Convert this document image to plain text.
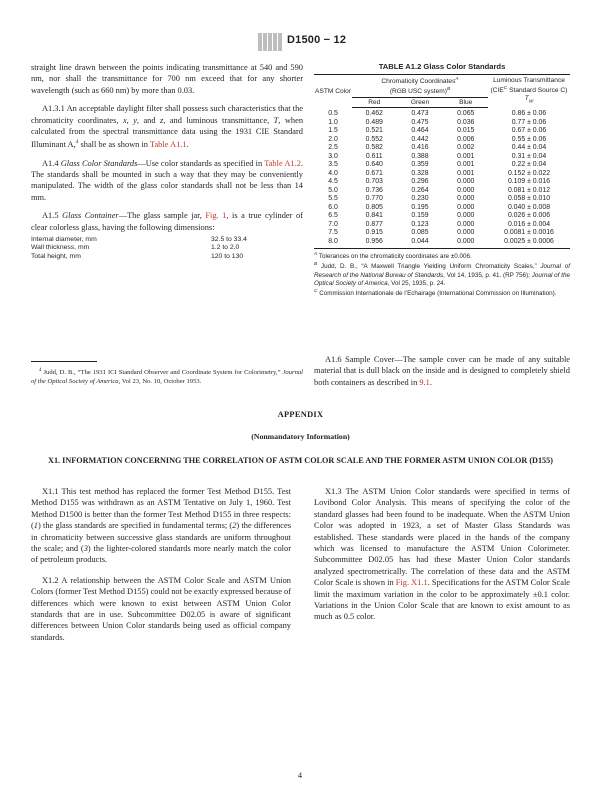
D1500 − 12

straight line drawn between the points indicating transmittance at 540 and 590 nm, nor shall the transmittance for 700 nm exceed that for any shorter wavelength (such as 660 nm) by more than 0.03.

A1.3.1 An acceptable daylight filter shall possess such characteristics that the chromaticity coordinates, x, y, and z, and luminous transmittance, T, when calculated from the spectral transmittance data using the 1931 CIE Standard Illuminant A,$^4$ shall be as shown in Table A1.1.

A1.4 Glass Color Standards—Use color standards as specified in Table A1.2. The standards shall be mounted in such a way that they may be conveniently manipulated. The width of the glass color standards shall not be less than 14 mm.

A1.5 Glass Container—The glass sample jar, Fig. 1, is a true cylinder of clear colorless glass, having the following dimensions:

Internal diameter, mm	32.5 to 33.4
Wall thickness, mm	1.2 to 2.0
Total height, mm	120 to 130
$^4$ Judd, D. B., “The 1931 ICI Standard Observer and Coordinate System for Colorimetry,” Journal of the Optical Society of America, Vol 23, No. 10, October 1953.
TABLE A1.2 Glass Color Standards
ASTM Color	Chromaticity Coordinates$^A$
(RGB USC system)$^B$			Luminous Transmittance ($CIE^C$ Standard Source C)
$T_W$
	Red	Green	Blue	
0.5	0.462	0.473	0.065	0.86 ± 0.06
1.0	0.489	0.475	0.036	0.77 ± 0.06
1.5	0.521	0.464	0.015	0.67 ± 0.06
2.0	0.552	0.442	0.006	0.55 ± 0.06
2.5	0.582	0.416	0.002	0.44 ± 0.04
3.0	0.611	0.388	0.001	0.31 ± 0.04
3.5	0.640	0.359	0.001	0.22 ± 0.04
4.0	0.671	0.328	0.001	0.152 ± 0.022
4.5	0.703	0.296	0.000	0.109 ± 0.016
5.0	0.736	0.264	0.000	0.081 ± 0.012
5.5	0.770	0.230	0.000	0.058 ± 0.010
6.0	0.805	0.195	0.000	0.040 ± 0.008
6.5	0.841	0.159	0.000	0.026 ± 0.006
7.0	0.877	0.123	0.000	0.016 ± 0.004
7.5	0.915	0.085	0.000	0.0081 ± 0.0016
8.0	0.956	0.044	0.000	0.0025 ± 0.0006
$^A$ Tolerances on the chromaticity coordinates are ±0.006.
$^B$ Judd, D. B., “A Maxwell Triangle Yielding Uniform Chromaticity Scales,” Journal of Research of the National Bureau of Standards, Vol 14, 1935, p. 41. (RP 756); Journal of the Optical Society of America, Vol 25, 1935, p. 24.
$^C$ Commission Internationale de l’Echairage (International Commission on Illumination).
A1.6 Sample Cover—The sample cover can be made of any suitable material that is dull black on the inside and is designed to completely shield both containers as described in 9.1.
APPENDIX
(Nonmandatory Information)
X1. INFORMATION CONCERNING THE CORRELATION OF ASTM COLOR SCALE AND THE FORMER ASTM UNION COLOR (D155)

X1.1 This test method has replaced the former Test Method D155. Test Method D155 was withdrawn as an ASTM Tentative on July 1, 1960. Test Method D1500 is better than the former Test Method D155 in three respects: (1) the glass standards are specified in fundamental terms; (2) the differences in chromaticity between successive glass standards are uniform throughout the scale; and (3) the lighter-colored standards more nearly match the color of petroleum products.

X1.2 A relationship between the ASTM Color Scale and ASTM Union Colors (former Test Method D155) could not be exactly expressed because of differences which were known to exist between ASTM Union Color standards that are in use. Subcommittee D02.05 is aware of significant differences between Union Color standards being used as official company standards.

X1.3 The ASTM Union Color standards were specified in terms of Lovibond Color Analysis. This means of specifying the color of the standard glasses had been found to be inadequate. When the ASTM Union Color was adopted in 1923, a set of Master Glass Standards was established. These standards were placed in the hands of the company which was licensed to manufacture the ASTM Union Colorimeter. Subcommittee D02.05 has had these Master Union Color standards analyzed spectrometrically. The correlation of these data and the ASTM Color Scale is shown in Fig. X1.1. Specifications for the ASTM Color Scale limit the maximum variation in the color to be approximately ±0.1 color. Variations in the Union Color Scale that are known to exist amount to as much as 0.5 color.

4
